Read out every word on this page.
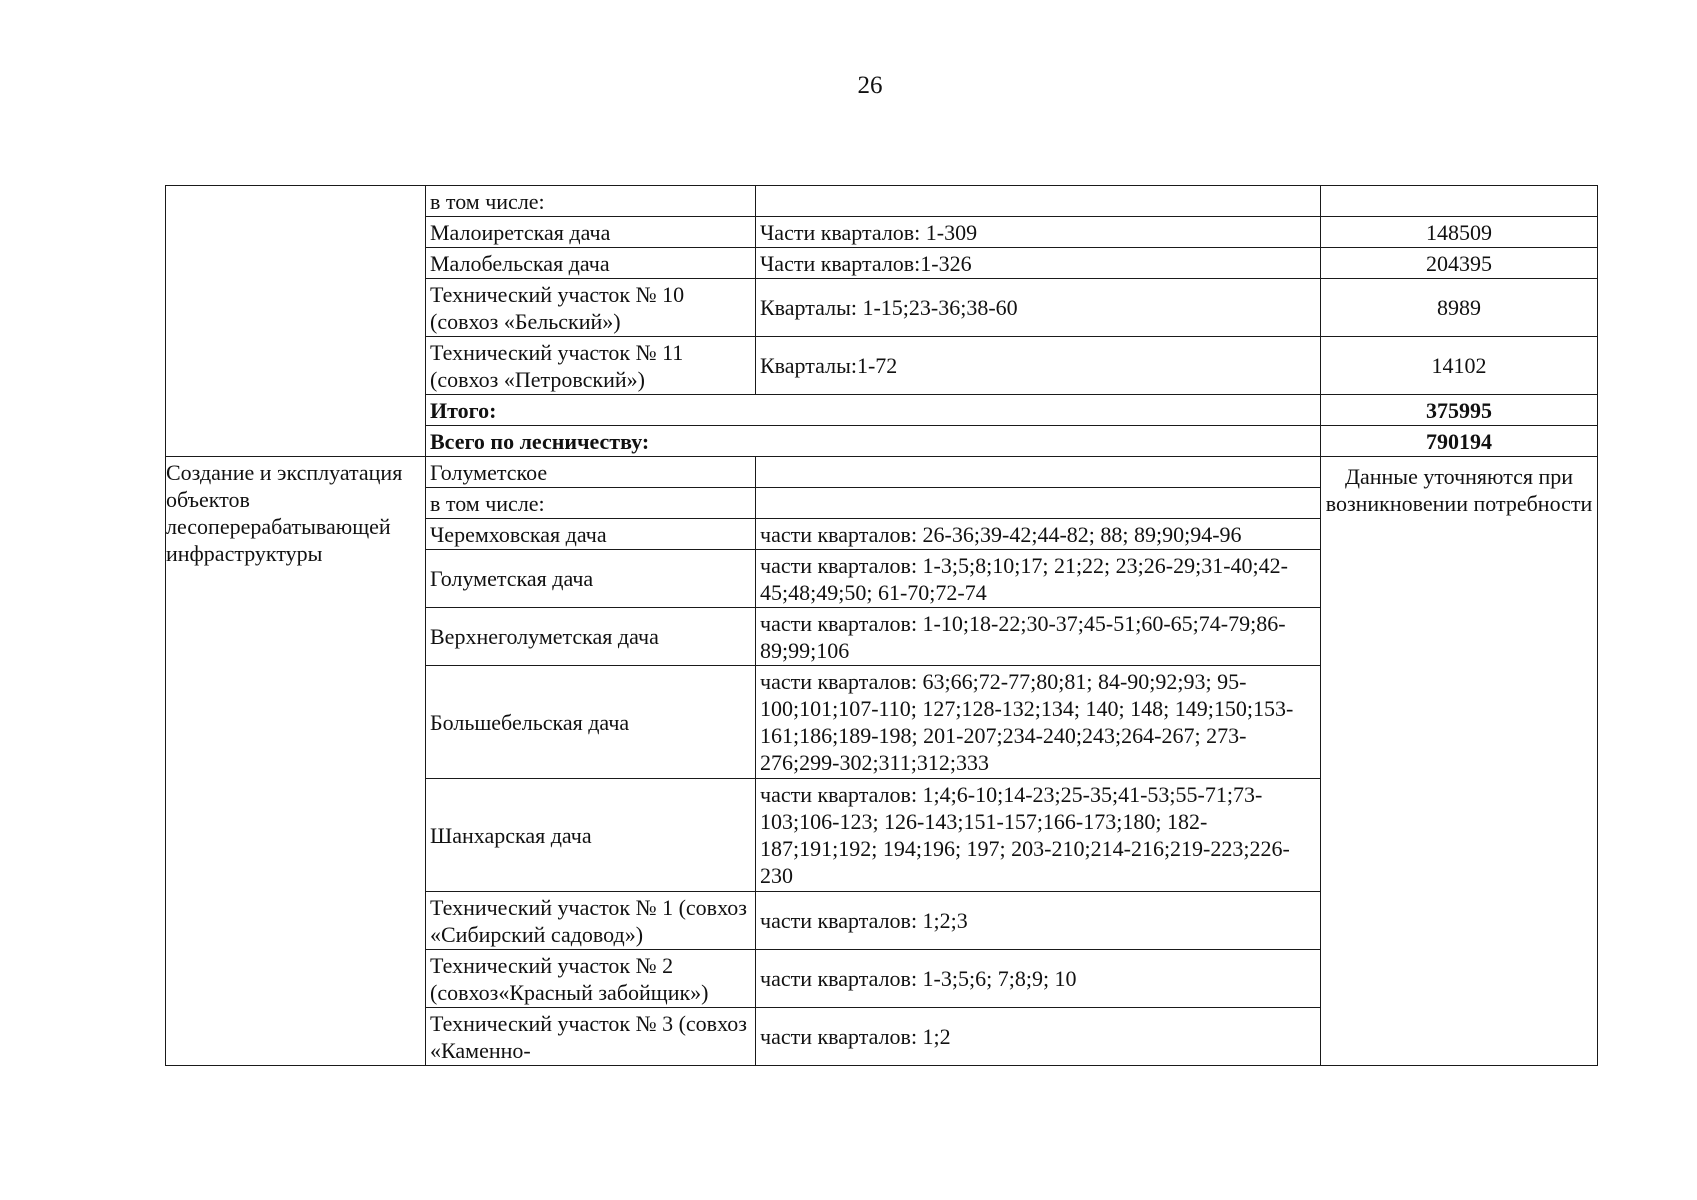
26
	в том числе:		
	Малоиретская дача	Части кварталов: 1-309	148509
	Малобельская дача	Части кварталов:1-326	204395
	Технический участок № 10 (совхоз «Бельский»)	Кварталы: 1-15;23-36;38-60	8989
	Технический участок № 11 (совхоз «Петровский»)	Кварталы:1-72	14102
	Итого:		375995
	Всего по лесничеству:		790194
Создание и эксплуатация объектов лесоперерабатывающей инфраструктуры	Голуметское		Данные уточняются при возникновении потребности
	в том числе:		
	Черемховская дача	части кварталов: 26-36;39-42;44-82; 88; 89;90;94-96	
	Голуметская дача	части кварталов: 1-3;5;8;10;17; 21;22; 23;26-29;31-40;42-45;48;49;50; 61-70;72-74	
	Верхнеголуметская дача	части кварталов: 1-10;18-22;30-37;45-51;60-65;74-79;86-89;99;106	
	Большебельская дача	части кварталов: 63;66;72-77;80;81; 84-90;92;93; 95-100;101;107-110; 127;128-132;134; 140; 148; 149;150;153-161;186;189-198; 201-207;234-240;243;264-267; 273-276;299-302;311;312;333	
	Шанхарская дача	части кварталов: 1;4;6-10;14-23;25-35;41-53;55-71;73-103;106-123; 126-143;151-157;166-173;180; 182-187;191;192; 194;196; 197; 203-210;214-216;219-223;226-230	
	Технический участок № 1 (совхоз «Сибирский садовод»)	части кварталов: 1;2;3	
	Технический участок № 2 (совхоз«Красный забойщик»)	части кварталов: 1-3;5;6; 7;8;9; 10	
	Технический участок № 3 (совхоз «Каменно-	части кварталов: 1;2	
